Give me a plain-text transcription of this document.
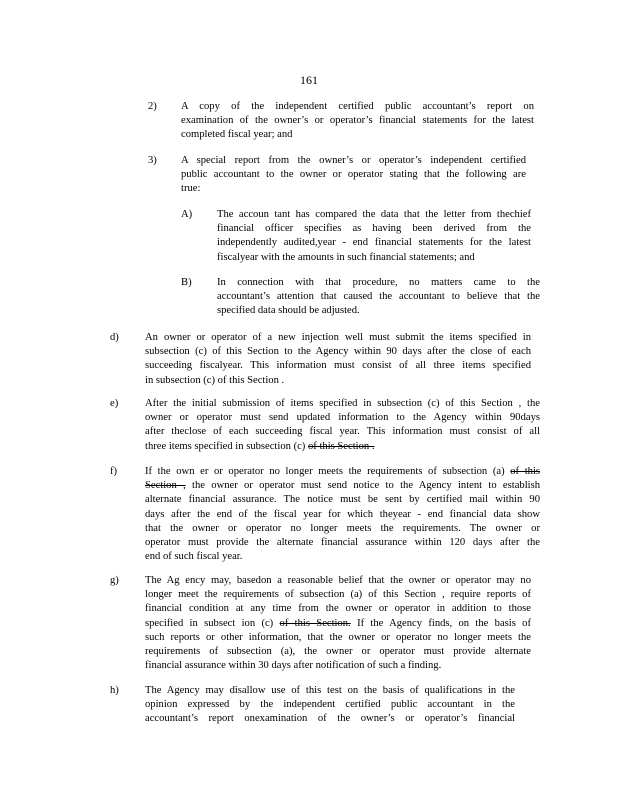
161
2) A copy of the independent certified public accountant’s report on
examination of the owner’s or operator’s financial statements for the latest
completed fiscal year; and
3) A special report from the owner’s or operator’s independent certified
public accountant to the owner or operator stating that the following are
true:
A) The accoun tant has compared the data that the letter from thechief
financial officer specifies as having been derived from the
independently audited,year - end financial statements for the latest
fiscalyear with the amounts in such financial statements; and
B) In connection with that procedure, no matters came to the
accountant’s attention that caused the accountant to believe that the
specified data should be adjusted.
d) An owner or operator of a new injection well must submit the items specified in
subsection (c) of this Section to the Agency within 90 days after the close of each
succeeding fiscalyear. This information must consist of all three items specified
in subsection (c) of this Section .
e)	After the initial submission of items specified in subsection (c) of this Section , the
owner or operator must send updated information to the Agency within 90days
after theclose of each succeeding fiscal year. This information must consist of all
three items specified in subsection (c) of this Section .
f)	If the own er or operator no longer meets the requirements of subsection (a) of this
Section , the owner or operator must send notice to the Agency intent to establish
alternate financial assurance. The notice must be sent by certified mail within 90
days after the end of the fiscal year for which theyear - end financial data show
that the owner or operator no longer meets the requirements. The owner or
operator must provide the alternate financial assurance within 120 days after the
end of such fiscal year.
g) The Ag ency may, basedon a reasonable belief that the owner or operator may no
longer meet the requirements of subsection (a) of this Section , require reports of
financial condition at any time from the owner or operator in addition to those
specified in subsect ion (c) of this Section. If the Agency finds, on the basis of
such reports or other information, that the owner or operator no longer meets the
requirements of subsection (a), the owner or operator must provide alternate
financial assurance within 30 days after notification of such a finding.
h) The Agency may disallow use of this test on the basis of qualifications in the
opinion expressed by the independent certified public accountant in the
accountant’s report onexamination of the owner’s or operator’s financial
